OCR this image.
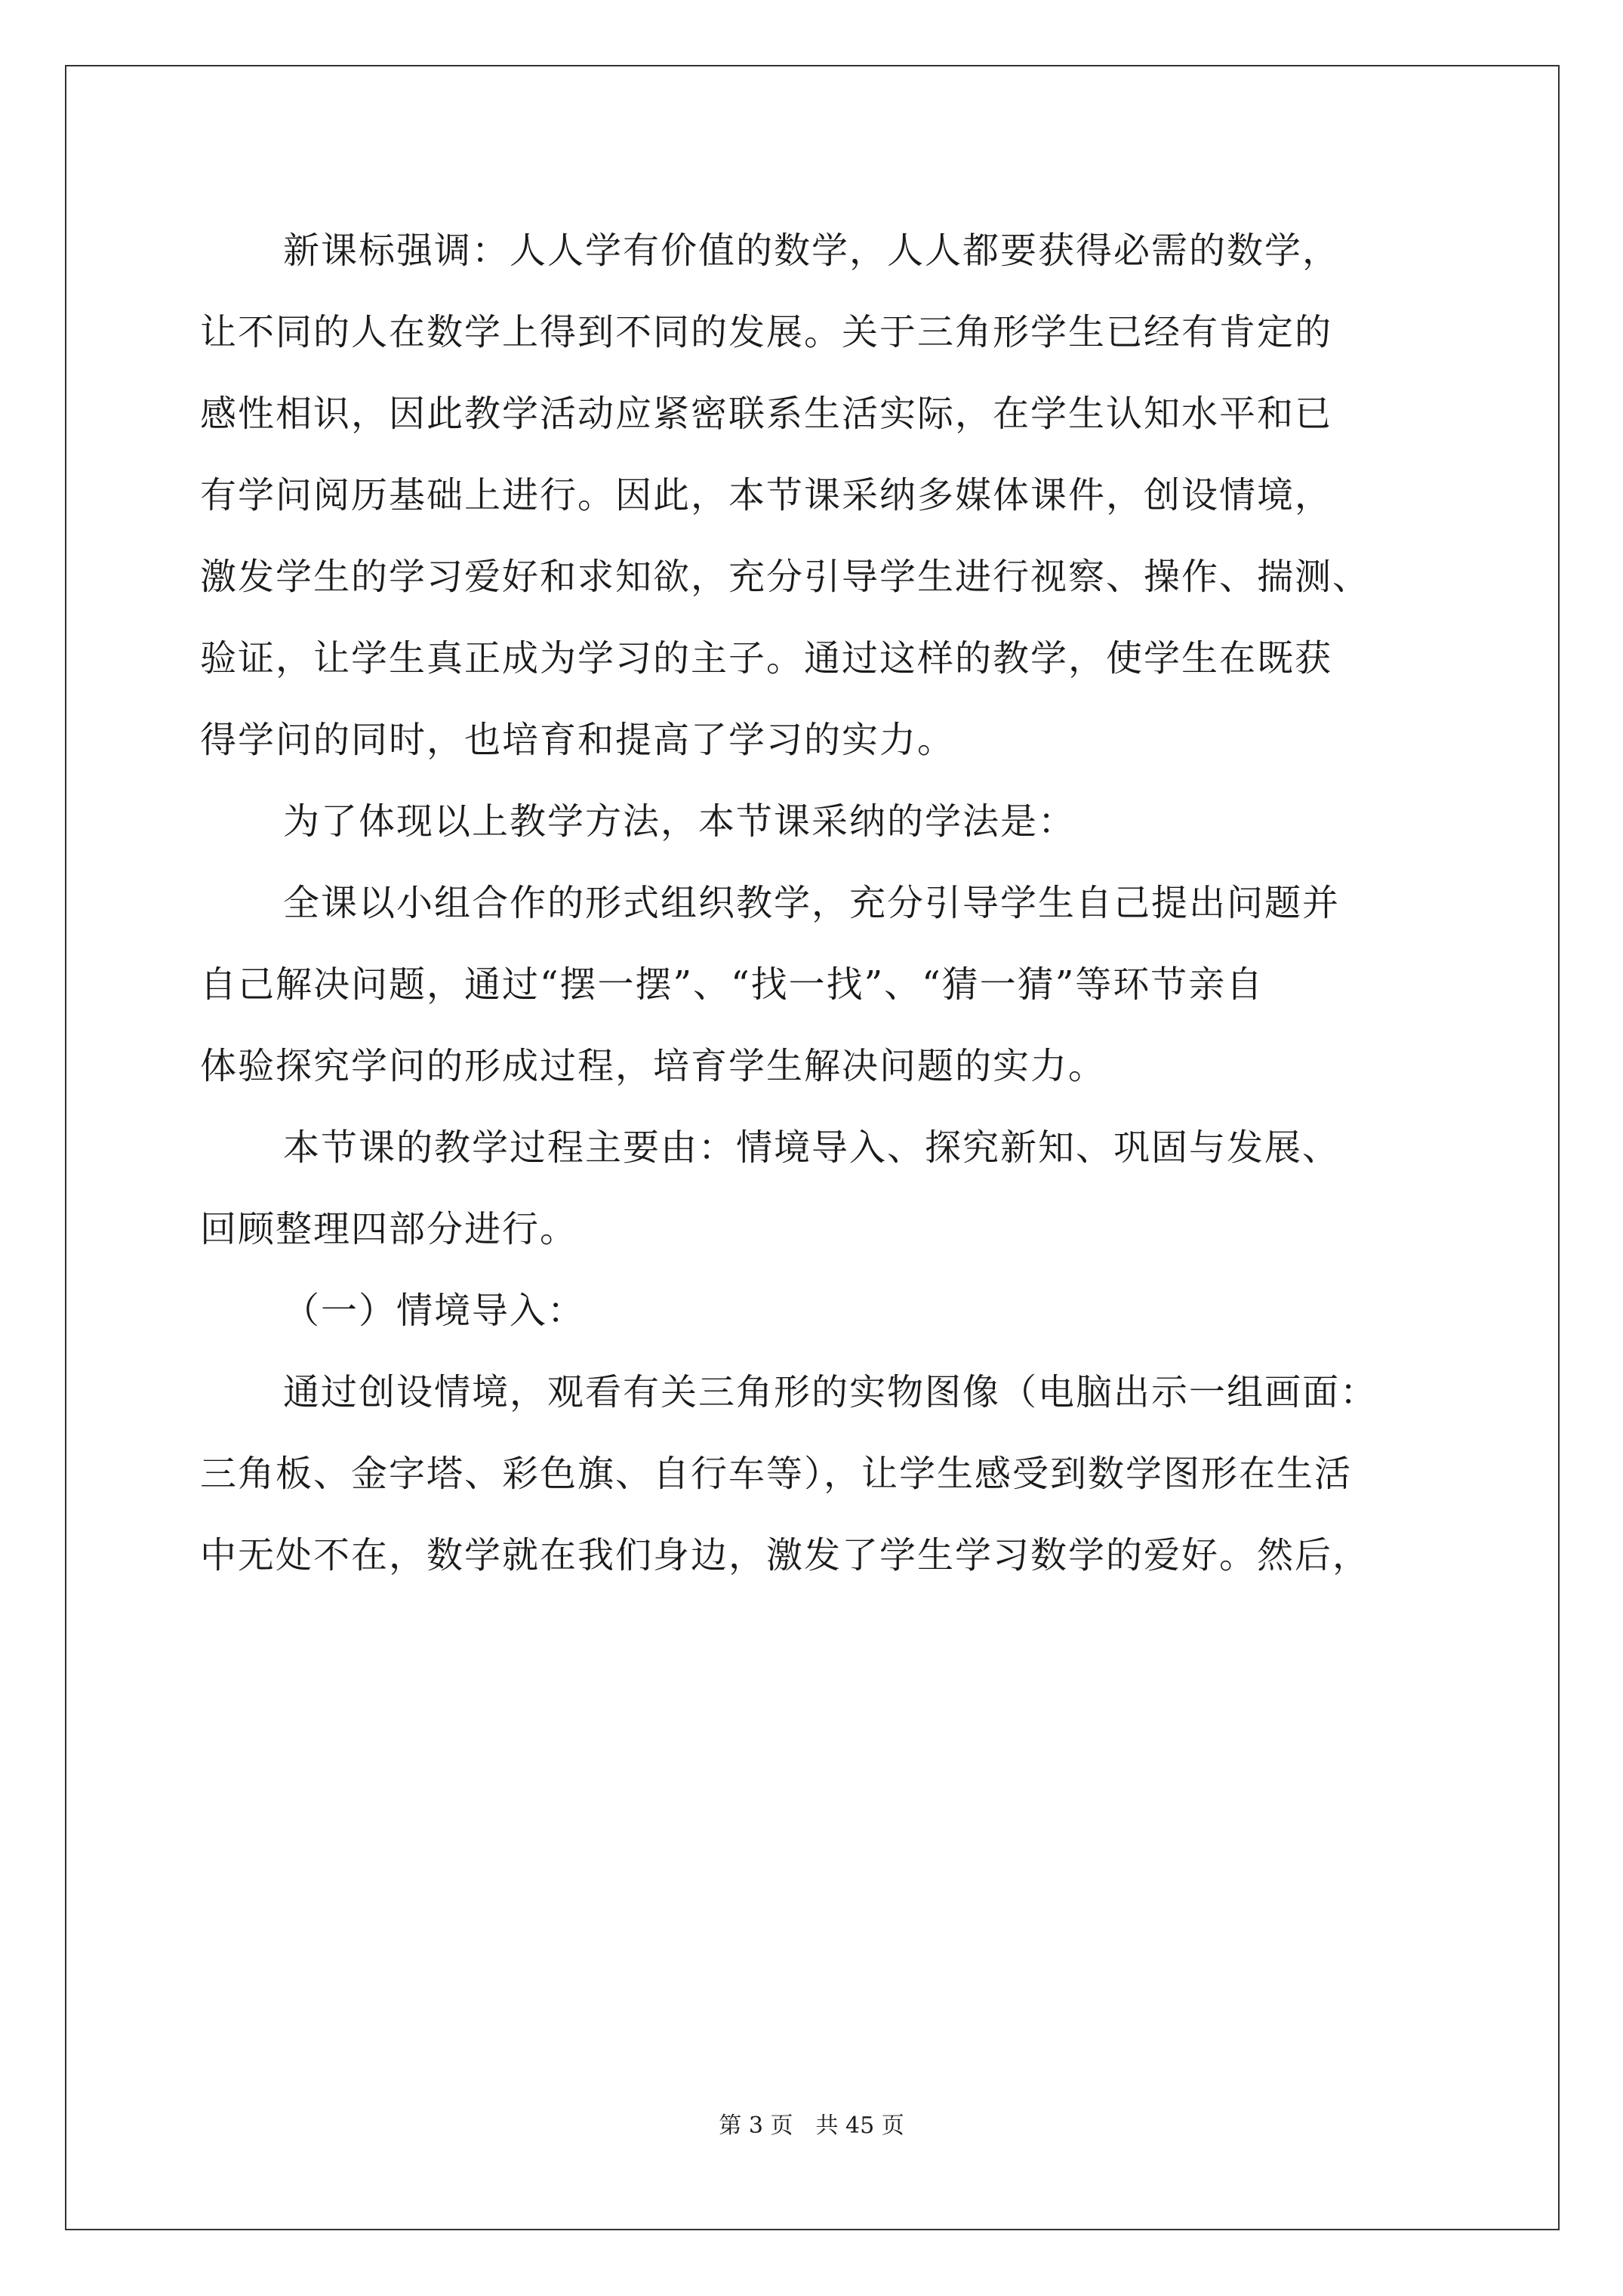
新课标强调：人人学有价值的数学，人人都要获得必需的数学，
让不同的人在数学上得到不同的发展。关于三角形学生已经有肯定的
感性相识，因此教学活动应紧密联系生活实际，在学生认知水平和已
有学问阅历基础上进行。因此，本节课采纳多媒体课件，创设情境，
激发学生的学习爱好和求知欲，充分引导学生进行视察、操作、揣测、
验证，让学生真正成为学习的主子。通过这样的教学，使学生在既获
得学问的同时，也培育和提高了学习的实力。
为了体现以上教学方法，本节课采纳的学法是：
全课以小组合作的形式组织教学，充分引导学生自己提出问题并
自己解决问题，通过“摆一摆”、“找一找”、“猜一猜”等环节亲自
体验探究学问的形成过程，培育学生解决问题的实力。
本节课的教学过程主要由：情境导入、探究新知、巩固与发展、
回顾整理四部分进行。
（一）情境导入：
通过创设情境，观看有关三角形的实物图像（电脑出示一组画面：
三角板、金字塔、彩色旗、自行车等），让学生感受到数学图形在生活
中无处不在，数学就在我们身边，激发了学生学习数学的爱好。然后，
第 3 页　共 45 页
